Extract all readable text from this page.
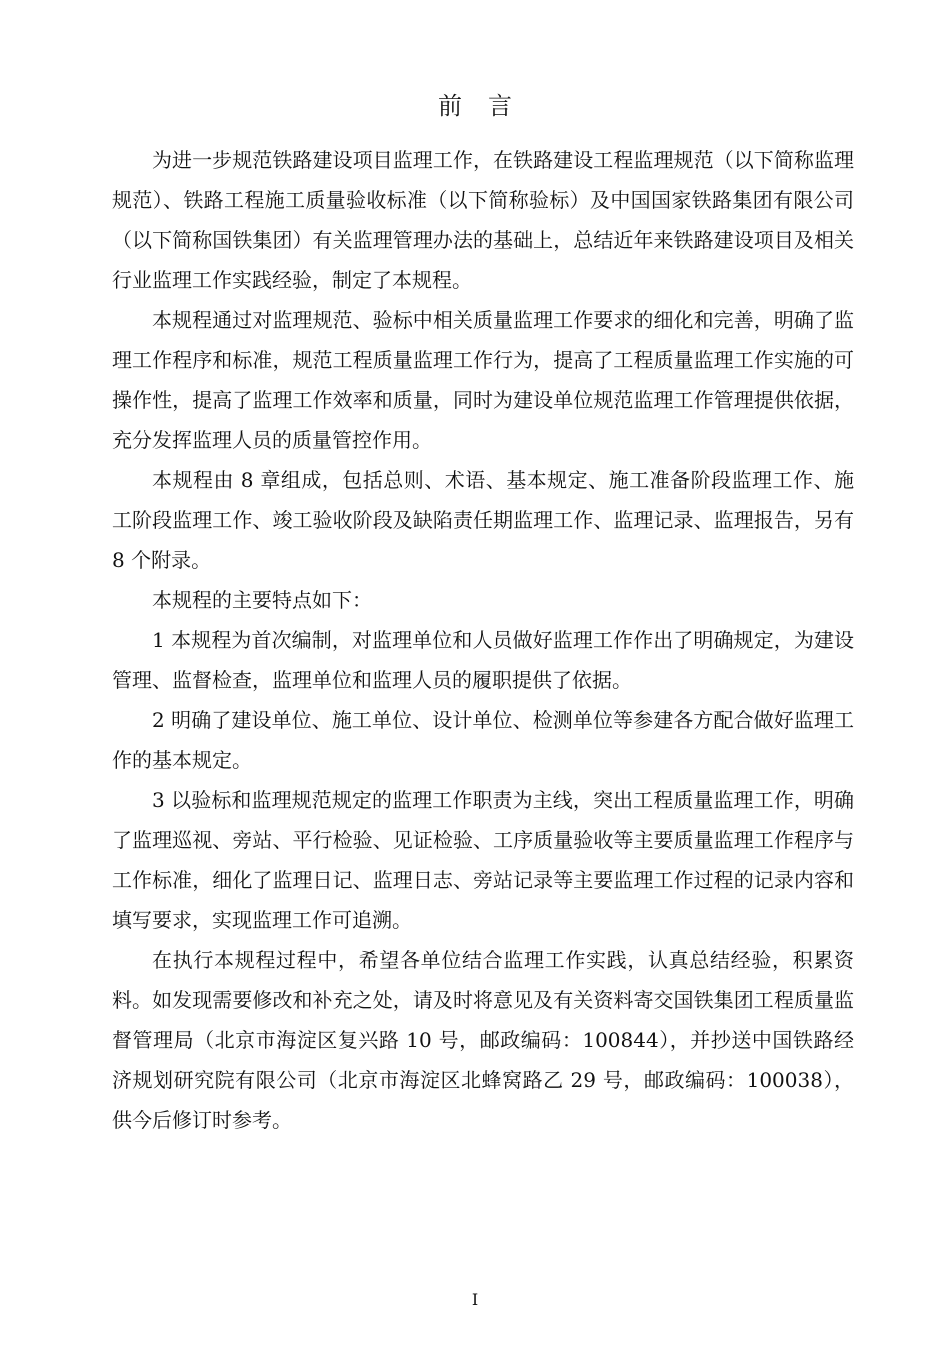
前言

为进一步规范铁路建设项目监理工作，在铁路建设工程监理规范（以下简称监理规范）、铁路工程施工质量验收标准（以下简称验标）及中国国家铁路集团有限公司（以下简称国铁集团）有关监理管理办法的基础上，总结近年来铁路建设项目及相关行业监理工作实践经验，制定了本规程。

本规程通过对监理规范、验标中相关质量监理工作要求的细化和完善，明确了监理工作程序和标准，规范工程质量监理工作行为，提高了工程质量监理工作实施的可操作性，提高了监理工作效率和质量，同时为建设单位规范监理工作管理提供依据，充分发挥监理人员的质量管控作用。

本规程由 8 章组成，包括总则、术语、基本规定、施工准备阶段监理工作、施工阶段监理工作、竣工验收阶段及缺陷责任期监理工作、监理记录、监理报告，另有 8 个附录。

本规程的主要特点如下：

1 本规程为首次编制，对监理单位和人员做好监理工作作出了明确规定，为建设管理、监督检查，监理单位和监理人员的履职提供了依据。

2 明确了建设单位、施工单位、设计单位、检测单位等参建各方配合做好监理工作的基本规定。

3 以验标和监理规范规定的监理工作职责为主线，突出工程质量监理工作，明确了监理巡视、旁站、平行检验、见证检验、工序质量验收等主要质量监理工作程序与工作标准，细化了监理日记、监理日志、旁站记录等主要监理工作过程的记录内容和填写要求，实现监理工作可追溯。

在执行本规程过程中，希望各单位结合监理工作实践，认真总结经验，积累资料。如发现需要修改和补充之处，请及时将意见及有关资料寄交国铁集团工程质量监督管理局（北京市海淀区复兴路 10 号，邮政编码：100844），并抄送中国铁路经济规划研究院有限公司（北京市海淀区北蜂窝路乙 29 号，邮政编码：100038），供今后修订时参考。

I
